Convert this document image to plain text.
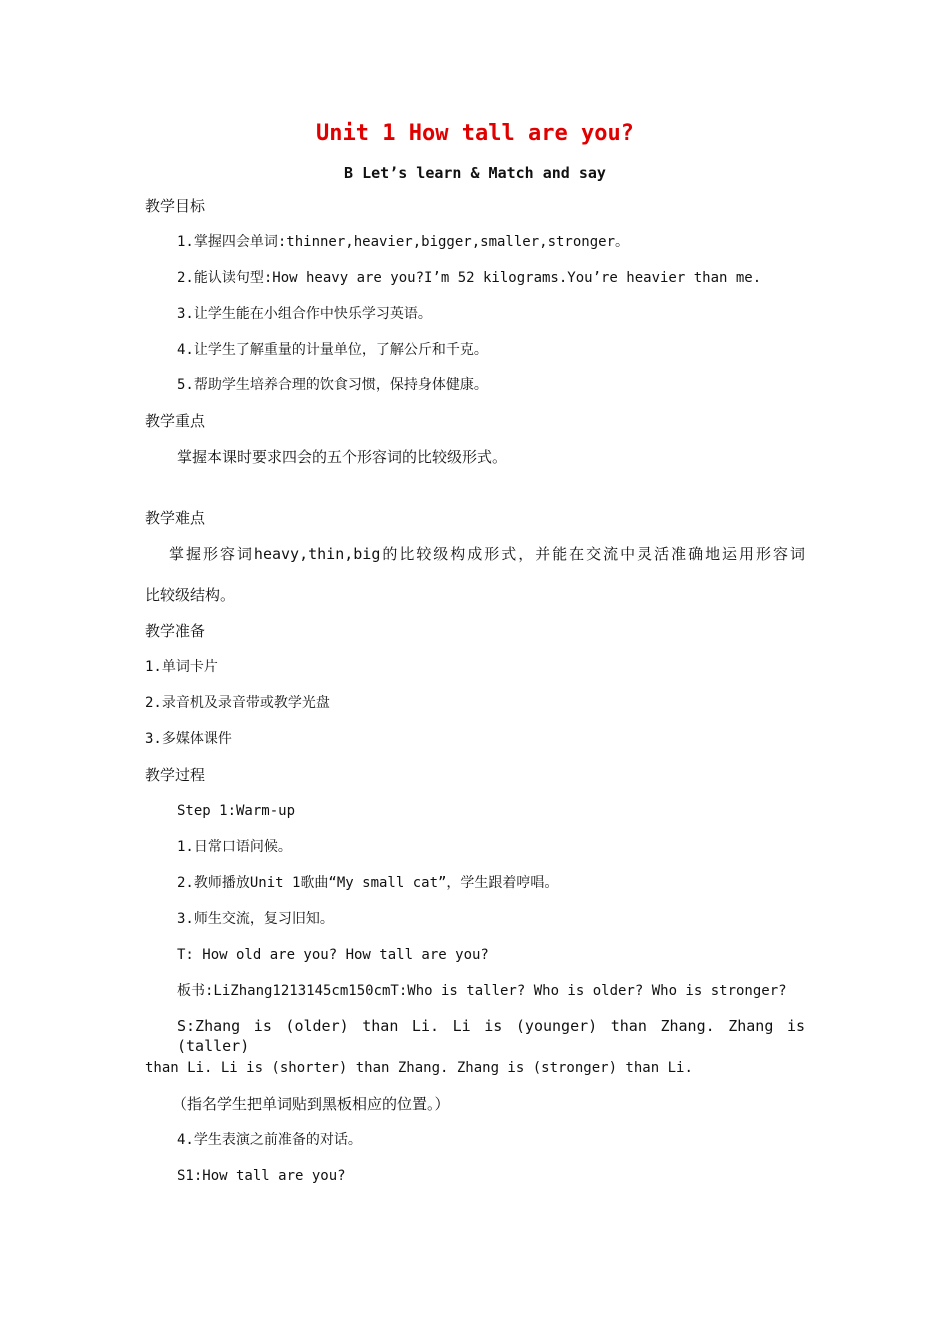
Unit 1 How tall are you?
B Let’s learn & Match and say
教学目标
1.掌握四会单词:thinner,heavier,bigger,smaller,stronger。
2.能认读句型:How heavy are you?I’m 52 kilograms.You’re heavier than me.
3.让学生能在小组合作中快乐学习英语。
4.让学生了解重量的计量单位，了解公斤和千克。
5.帮助学生培养合理的饮食习惯，保持身体健康。
教学重点
掌握本课时要求四会的五个形容词的比较级形式。
教学难点
掌握形容词heavy,thin,big的比较级构成形式，并能在交流中灵活准确地运用形容词
比较级结构。
教学准备
1.单词卡片
2.录音机及录音带或教学光盘
3.多媒体课件
教学过程
Step 1:Warm-up
1.日常口语问候。
2.教师播放Unit 1歌曲“My small cat”，学生跟着哼唱。
3.师生交流，复习旧知。
T: How old are you? How tall are you?
板书:LiZhang1213145cm150cmT:Who is taller? Who is older? Who is stronger?
S:Zhang is (older) than Li. Li is (younger) than Zhang. Zhang is (taller)
than Li. Li is (shorter) than Zhang. Zhang is (stronger) than Li.
（指名学生把单词贴到黑板相应的位置。）
4.学生表演之前准备的对话。
S1:How tall are you?
